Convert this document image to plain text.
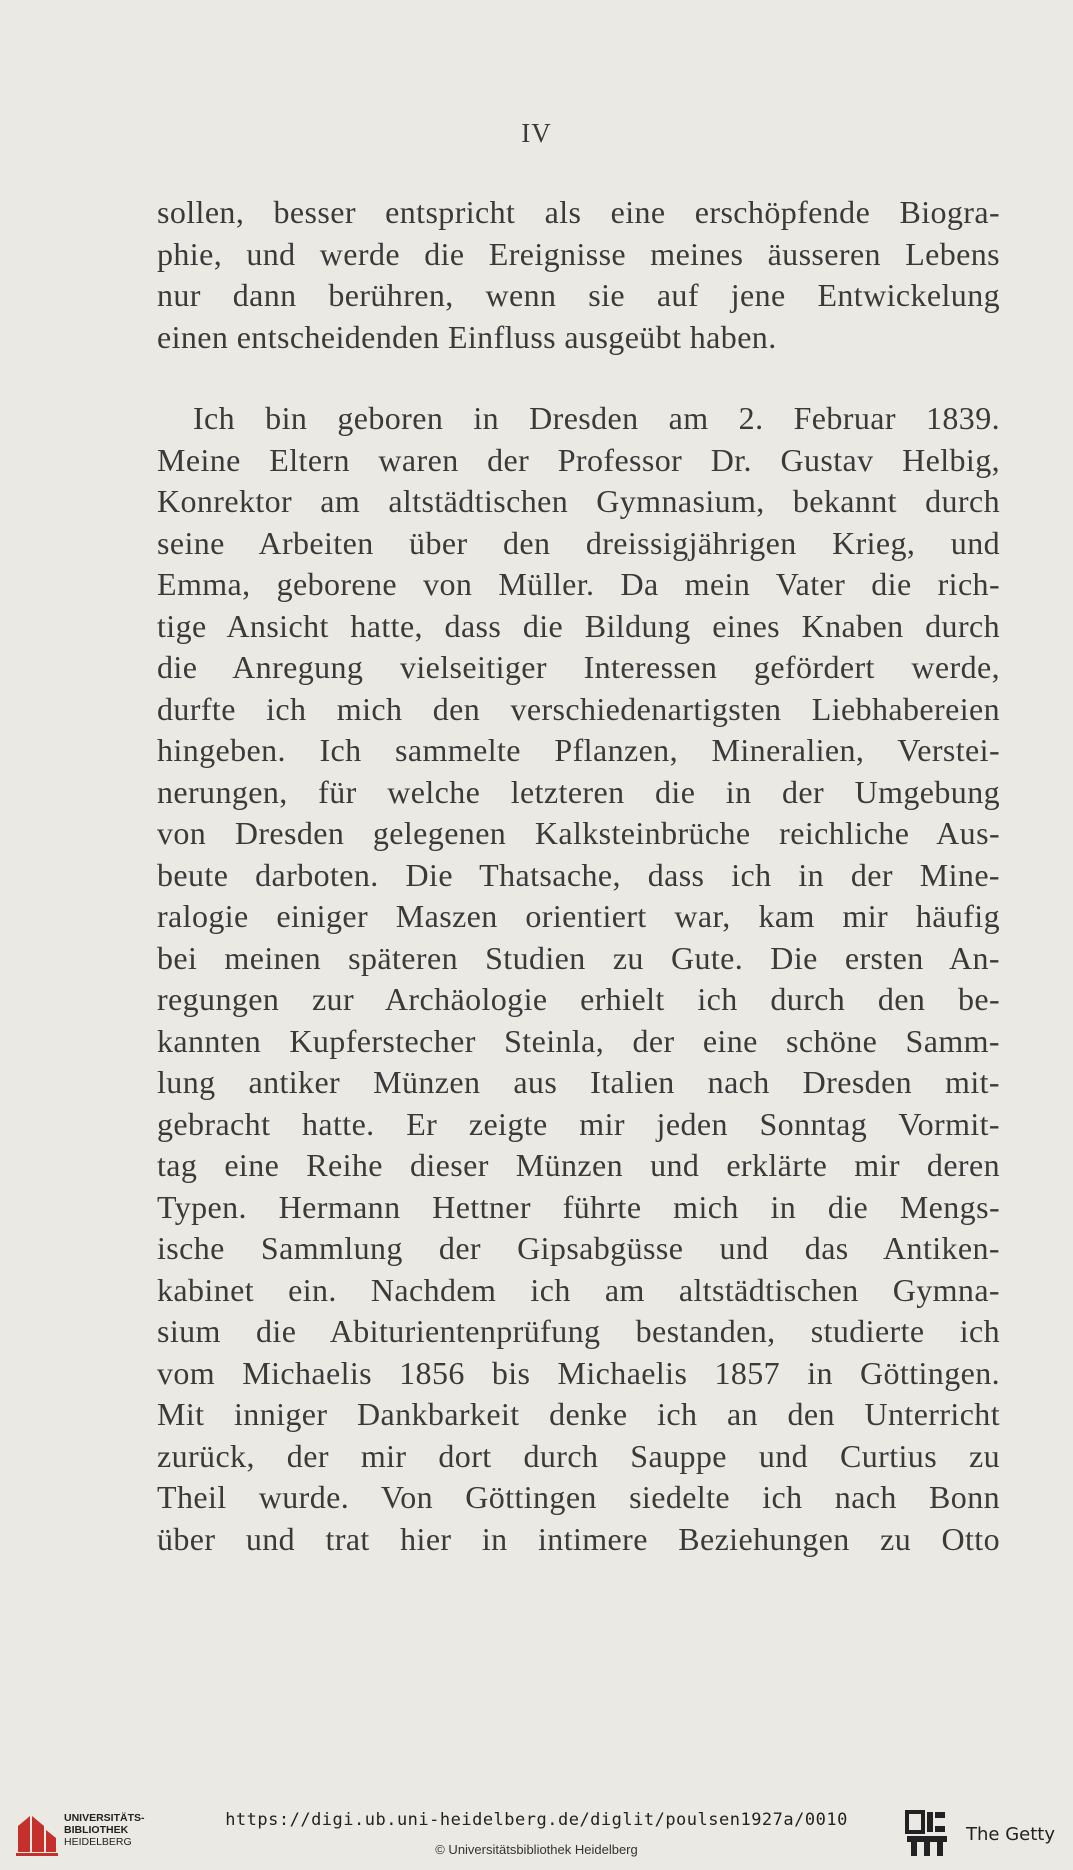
IV
sollen, besser entspricht als eine erschöpfende Biogra-
phie, und werde die Ereignisse meines äusseren Lebens
nur dann berühren, wenn sie auf jene Entwickelung
einen entscheidenden Einfluss ausgeübt haben.
Ich bin geboren in Dresden am 2. Februar 1839.
Meine Eltern waren der Professor Dr. Gustav Helbig,
Konrektor am altstädtischen Gymnasium, bekannt durch
seine Arbeiten über den dreissigjährigen Krieg, und
Emma, geborene von Müller. Da mein Vater die rich-
tige Ansicht hatte, dass die Bildung eines Knaben durch
die Anregung vielseitiger Interessen gefördert werde,
durfte ich mich den verschiedenartigsten Liebhabereien
hingeben. Ich sammelte Pflanzen, Mineralien, Verstei-
nerungen, für welche letzteren die in der Umgebung
von Dresden gelegenen Kalksteinbrüche reichliche Aus-
beute darboten. Die Thatsache, dass ich in der Mine-
ralogie einiger Maszen orientiert war, kam mir häufig
bei meinen späteren Studien zu Gute. Die ersten An-
regungen zur Archäologie erhielt ich durch den be-
kannten Kupferstecher Steinla, der eine schöne Samm-
lung antiker Münzen aus Italien nach Dresden mit-
gebracht hatte. Er zeigte mir jeden Sonntag Vormit-
tag eine Reihe dieser Münzen und erklärte mir deren
Typen. Hermann Hettner führte mich in die Mengs-
ische Sammlung der Gipsabgüsse und das Antiken-
kabinet ein. Nachdem ich am altstädtischen Gymna-
sium die Abiturientenprüfung bestanden, studierte ich
vom Michaelis 1856 bis Michaelis 1857 in Göttingen.
Mit inniger Dankbarkeit denke ich an den Unterricht
zurück, der mir dort durch Sauppe und Curtius zu
Theil wurde. Von Göttingen siedelte ich nach Bonn
über und trat hier in intimere Beziehungen zu Otto
UNIVERSITÄTS-
BIBLIOTHEK
HEIDELBERG
https://digi.ub.uni-heidelberg.de/diglit/poulsen1927a/0010
© Universitätsbibliothek Heidelberg
The Getty
